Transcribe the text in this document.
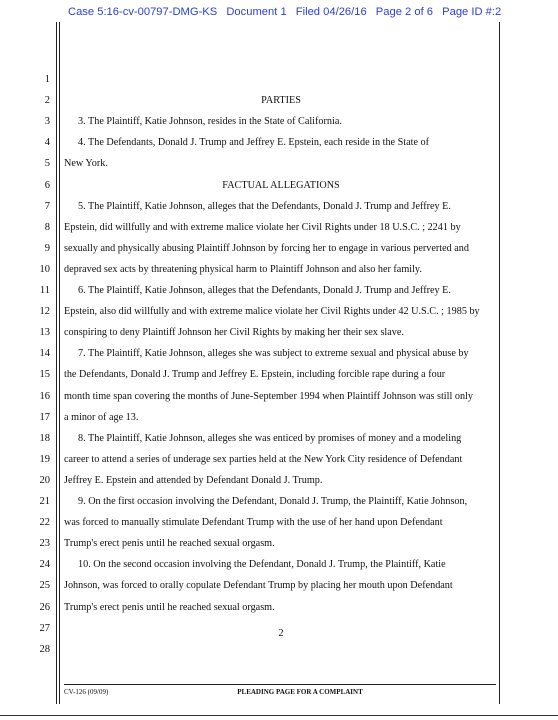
Case 5:16-cv-00797-DMG-KS Document 1 Filed 04/26/16 Page 2 of 6 Page ID #:2
1
2
3
4
5
6
7
8
9
10
11
12
13
14
15
16
17
18
19
20
21
22
23
24
25
26
27
28
PARTIES
3. The Plaintiff, Katie Johnson, resides in the State of California.
4. The Defendants, Donald J. Trump and Jeffrey E. Epstein, each reside in the State of
New York.
FACTUAL ALLEGATIONS
5. The Plaintiff, Katie Johnson, alleges that the Defendants, Donald J. Trump and Jeffrey E.
Epstein, did willfully and with extreme malice violate her Civil Rights under 18 U.S.C. ; 2241 by
sexually and physically abusing Plaintiff Johnson by forcing her to engage in various perverted and
depraved sex acts by threatening physical harm to Plaintiff Johnson and also her family.
6. The Plaintiff, Katie Johnson, alleges that the Defendants, Donald J. Trump and Jeffrey E.
Epstein, also did willfully and with extreme malice violate her Civil Rights under 42 U.S.C. ; 1985 by
conspiring to deny Plaintiff Johnson her Civil Rights by making her their sex slave.
7. The Plaintiff, Katie Johnson, alleges she was subject to extreme sexual and physical abuse by
the Defendants, Donald J. Trump and Jeffrey E. Epstein, including forcible rape during a four
month time span covering the months of June-September 1994 when Plaintiff Johnson was still only
a minor of age 13.
8. The Plaintiff, Katie Johnson, alleges she was enticed by promises of money and a modeling
career to attend a series of underage sex parties held at the New York City residence of Defendant
Jeffrey E. Epstein and attended by Defendant Donald J. Trump.
9. On the first occasion involving the Defendant, Donald J. Trump, the Plaintiff, Katie Johnson,
was forced to manually stimulate Defendant Trump with the use of her hand upon Defendant
Trump's erect penis until he reached sexual orgasm.
10. On the second occasion involving the Defendant, Donald J. Trump, the Plaintiff, Katie
Johnson, was forced to orally copulate Defendant Trump by placing her mouth upon Defendant
Trump's erect penis until he reached sexual orgasm.
2
CV-126 (09/09)	PLEADING PAGE FOR A COMPLAINT
